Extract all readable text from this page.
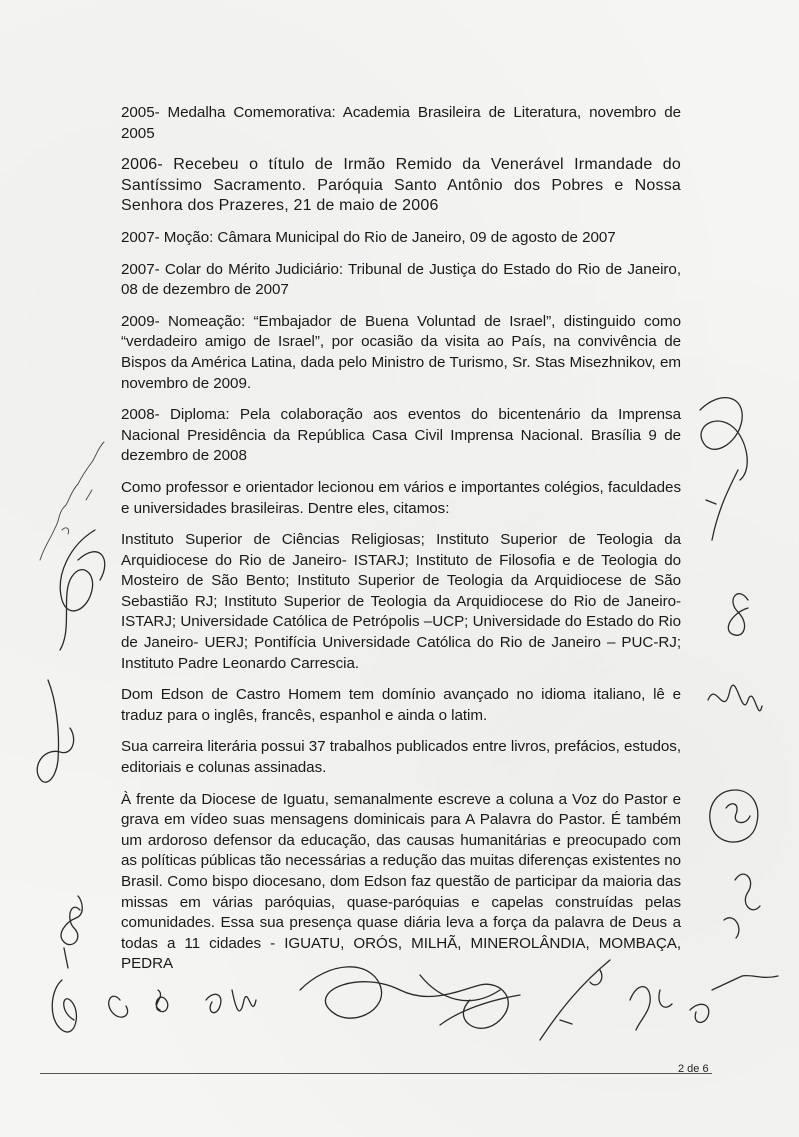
2005- Medalha Comemorativa: Academia Brasileira de Literatura, novembro de 2005

2006- Recebeu o título de Irmão Remido da Venerável Irmandade do Santíssimo Sacramento. Paróquia Santo Antônio dos Pobres e Nossa Senhora dos Prazeres, 21 de maio de 2006

2007- Moção: Câmara Municipal do Rio de Janeiro, 09 de agosto de 2007

2007- Colar do Mérito Judiciário: Tribunal de Justiça do Estado do Rio de Janeiro, 08 de dezembro de 2007

2009- Nomeação: “Embajador de Buena Voluntad de Israel”, distinguido como “verdadeiro amigo de Israel”, por ocasião da visita ao País, na convivência de Bispos da América Latina, dada pelo Ministro de Turismo, Sr. Stas Misezhnikov, em novembro de 2009.

2008- Diploma: Pela colaboração aos eventos do bicentenário da Imprensa Nacional Presidência da República Casa Civil Imprensa Nacional. Brasília 9 de dezembro de 2008

Como professor e orientador lecionou em vários e importantes colégios, faculdades e universidades brasileiras. Dentre eles, citamos:

Instituto Superior de Ciências Religiosas; Instituto Superior de Teologia da Arquidiocese do Rio de Janeiro- ISTARJ; Instituto de Filosofia e de Teologia do Mosteiro de São Bento; Instituto Superior de Teologia da Arquidiocese de São Sebastião RJ; Instituto Superior de Teologia da Arquidiocese do Rio de Janeiro- ISTARJ; Universidade Católica de Petrópolis –UCP; Universidade do Estado do Rio de Janeiro- UERJ; Pontifícia Universidade Católica do Rio de Janeiro – PUC-RJ; Instituto Padre Leonardo Carrescia.

Dom Edson de Castro Homem tem domínio avançado no idioma italiano, lê e traduz para o inglês, francês, espanhol e ainda o latim.

Sua carreira literária possui 37 trabalhos publicados entre livros, prefácios, estudos, editoriais e colunas assinadas.

À frente da Diocese de Iguatu, semanalmente escreve a coluna a Voz do Pastor e grava em vídeo suas mensagens dominicais para A Palavra do Pastor. É também um ardoroso defensor da educação, das causas humanitárias e preocupado com as políticas públicas tão necessárias a redução das muitas diferenças existentes no Brasil. Como bispo diocesano, dom Edson faz questão de participar da maioria das missas em várias paróquias, quase-paróquias e capelas construídas pelas comunidades. Essa sua presença quase diária leva a força da palavra de Deus a todas a 11 cidades - IGUATU, ORÓS, MILHÃ, MINEROLÂNDIA, MOMBAÇA, PEDRA

2 de 6
